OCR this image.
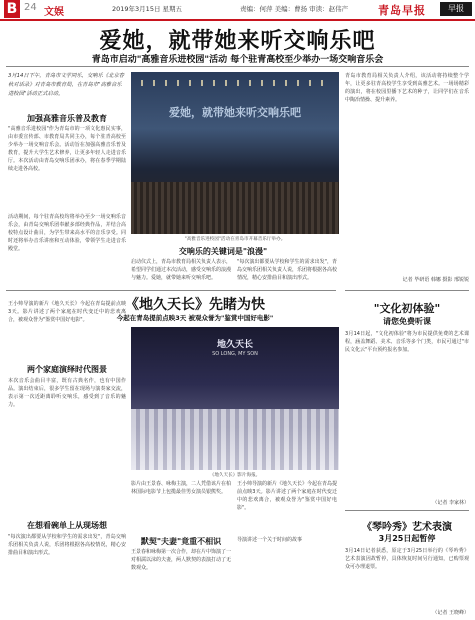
B 24 文娱	2019年3月15日 星期五	责编：何萍 美编：曹扬 审读：赵伟产	青岛早报	早报
爱她，就带她来听交响乐吧
青岛市启动"高雅音乐进校园"活动 每个驻青高校至少举办一场交响音乐会
3月14日下午，青岛市文学同乐，交响乐《北京春秋对话录》对青岛市教育局，在青岛市"高雅音乐进校园"活动正式启动。
加强高雅音乐普及教育
"高雅音乐进校园"作为青岛市的一项文化惠民实事，由市委宣传部、市教育局共同主办，每个驻青高校至少举办一场交响音乐会。活动旨在加强高雅音乐普及教育，提升大学生艺术修养，让更多年轻人走进音乐厅。本次活动由青岛交响乐团承办，将在春季学期陆续走进各高校。
活动期间，每个驻青高校均将举办至少一场交响乐音乐会，由青岛交响乐团奉献多部经典作品，并结合高校特点设计曲目，为学生带来高水平的音乐享受。同时还将举办音乐讲座和互动体验，带领学生走进音乐殿堂。
爱她，就带她来听交响乐吧
"高雅音乐进校园"活动在青岛市开幕音乐厅举办。
交响乐的关键词是"浪漫"
启动仪式上，青岛市教育局相关负责人表示，希望同学们通过本次活动，感受交响乐的浪漫与魅力。爱她，就带她来听交响乐吧。
"每次演出都要从学校和学生的需求出发"，青岛交响乐团相关负责人说，乐团将根据各高校情况，精心安排曲目和演出形式。
青岛市教育局相关负责人介绍，该活动将持续整个学年，让更多驻青高校学生享受到高雅艺术。一场场精彩的演出，将在校园里播下艺术的种子，让同学们在音乐中陶冶情操、提升素养。
记者 毕研语 韩娜 摄影 邢锐锐
《地久天长》先睹为快
今起在青岛提前点映3天 被观众誉为"鉴赏中国好电影"
王小帅导演的新片《地久天长》今起在青岛提前点映3天。影片讲述了两个家庭在时代变迁中的悲欢离合，被观众誉为"鉴赏中国好电影"。
两个家庭演绎时代图景
本次音乐会曲目丰富，既有古典名作，也有中国作品。演出结束后，很多学生留在现场与演奏家交流，表示第一次近距离聆听交响乐，感受到了音乐的魅力。
在想看碗单上从现场想
"每次演出都要从学校和学生的需求出发"，青岛交响乐团相关负责人说，乐团将根据各高校情况，精心安排曲目和演出形式。
地久天长
SO LONG, MY SON
《地久天长》影片海报。
影片由王景春、咏梅主演，二人凭借该片在柏林国际电影节上包揽最佳男女演员银熊奖。
王小帅导演的新片《地久天长》今起在青岛提前点映3天。影片讲述了两个家庭在时代变迁中的悲欢离合，被观众誉为"鉴赏中国好电影"。
默契"夫妻"竟重不相识
王景春和咏梅第一次合作，却在片中饰演了一对相濡以沫的夫妻，两人默契的表演打动了无数观众。
导演讲述一个关于时间的故事
"文化初体验"
请您免费听课
3月14日起，"文化初体验"将为市民提供免费的艺术课程，涵盖舞蹈、美术、音乐等多个门类，市民可通过"市民文化云"平台预约报名参加。
（记者 李家林）
《琴吟秀》艺术表演
3月25日起暂停
3月14日记者获悉，原定于3月25日举行的《琴吟秀》艺术表演因故暂停，具体恢复时间另行通知，已购票观众可办理退票。
（记者 王晓峰）
